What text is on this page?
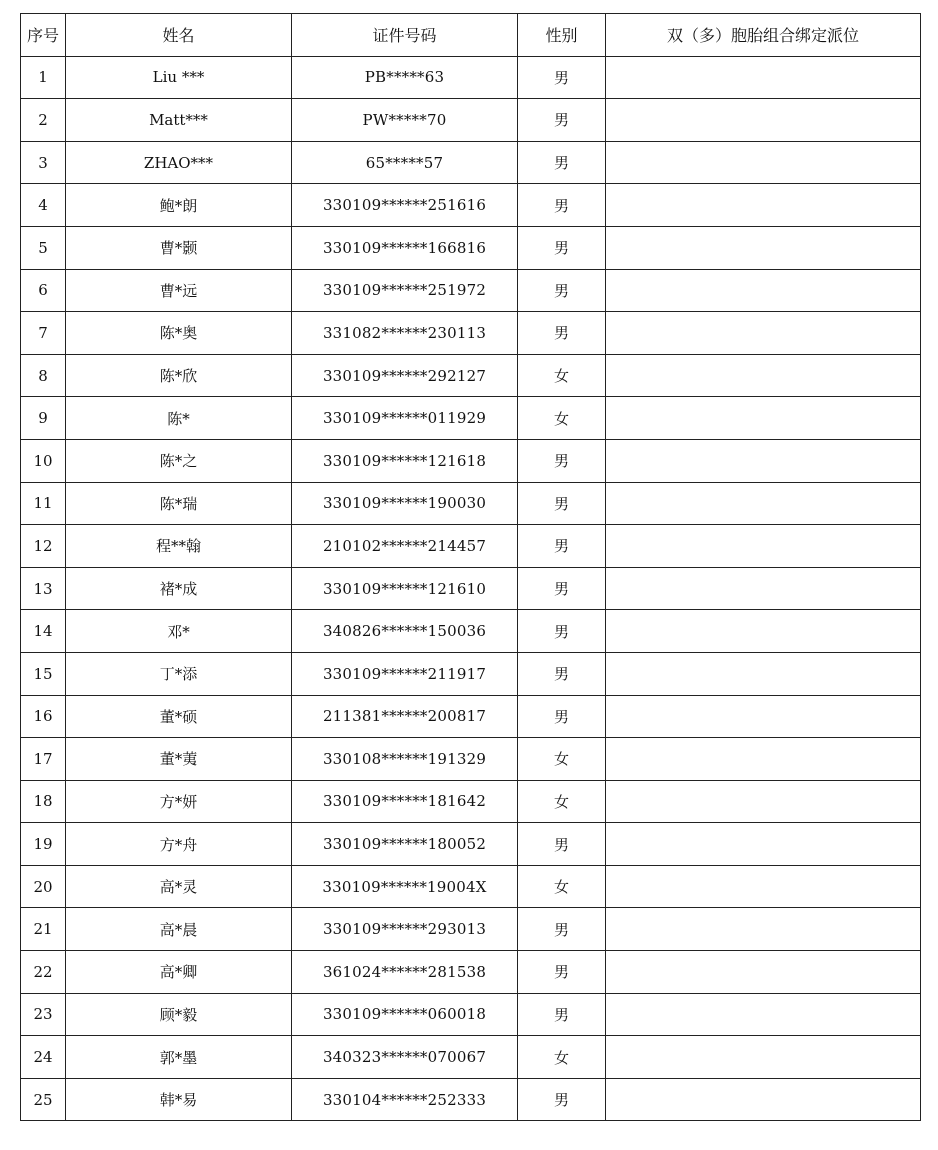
序号	姓名	证件号码	性别	双（多）胞胎组合绑定派位
1	Liu ***	PB*****63	男	
2	Matt***	PW*****70	男	
3	ZHAO***	65*****57	男	
4	鲍*朗	330109******251616	男	
5	曹*颢	330109******166816	男	
6	曹*远	330109******251972	男	
7	陈*奥	331082******230113	男	
8	陈*欣	330109******292127	女	
9	陈*	330109******011929	女	
10	陈*之	330109******121618	男	
11	陈*瑞	330109******190030	男	
12	程**翰	210102******214457	男	
13	褚*成	330109******121610	男	
14	邓*	340826******150036	男	
15	丁*添	330109******211917	男	
16	董*硕	211381******200817	男	
17	董*荑	330108******191329	女	
18	方*妍	330109******181642	女	
19	方*舟	330109******180052	男	
20	高*灵	330109******19004X	女	
21	高*晨	330109******293013	男	
22	高*卿	361024******281538	男	
23	顾*毅	330109******060018	男	
24	郭*墨	340323******070067	女	
25	韩*易	330104******252333	男	
